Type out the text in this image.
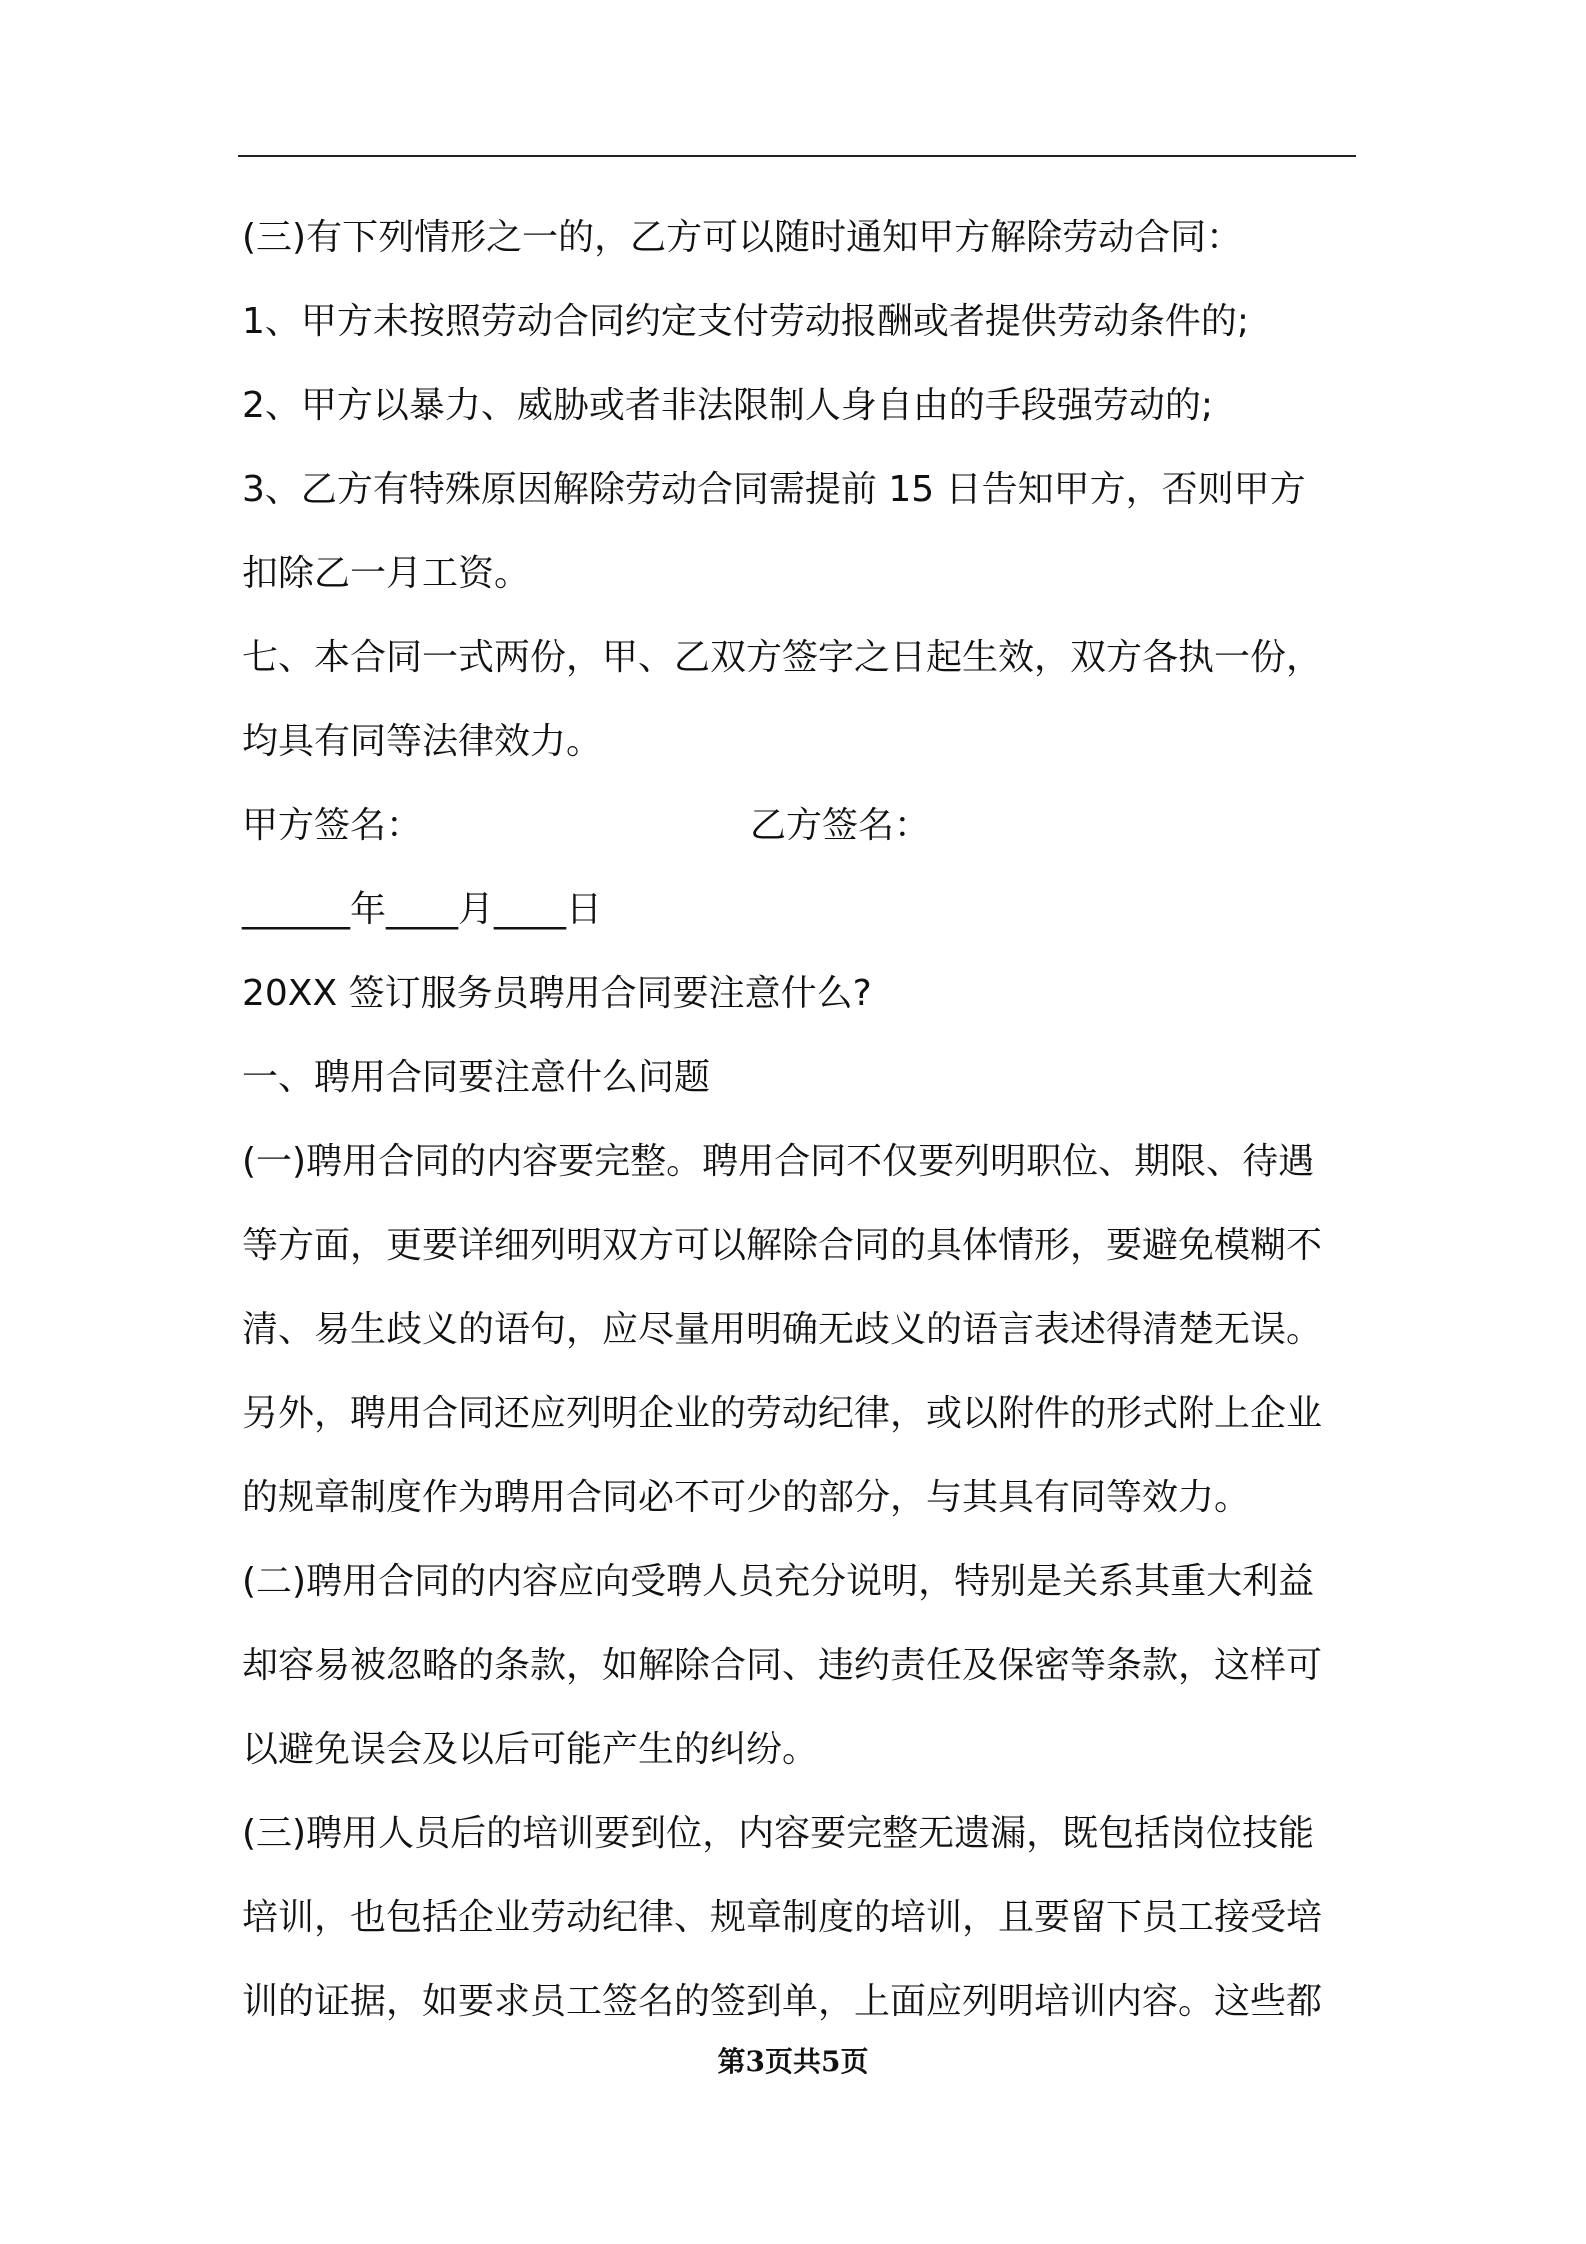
(三)有下列情形之一的，乙方可以随时通知甲方解除劳动合同：
1、甲方未按照劳动合同约定支付劳动报酬或者提供劳动条件的;
2、甲方以暴力、威胁或者非法限制人身自由的手段强劳动的;
3、乙方有特殊原因解除劳动合同需提前 15 日告知甲方，否则甲方
扣除乙一月工资。
七、本合同一式两份，甲、乙双方签字之日起生效，双方各执一份，
均具有同等法律效力。
甲方签名：	乙方签名：
______年____月____日
20XX 签订服务员聘用合同要注意什么?
一、聘用合同要注意什么问题
(一)聘用合同的内容要完整。聘用合同不仅要列明职位、期限、待遇
等方面，更要详细列明双方可以解除合同的具体情形，要避免模糊不
清、易生歧义的语句，应尽量用明确无歧义的语言表述得清楚无误。
另外，聘用合同还应列明企业的劳动纪律，或以附件的形式附上企业
的规章制度作为聘用合同必不可少的部分，与其具有同等效力。
(二)聘用合同的内容应向受聘人员充分说明，特别是关系其重大利益
却容易被忽略的条款，如解除合同、违约责任及保密等条款，这样可
以避免误会及以后可能产生的纠纷。
(三)聘用人员后的培训要到位，内容要完整无遗漏，既包括岗位技能
培训，也包括企业劳动纪律、规章制度的培训，且要留下员工接受培
训的证据，如要求员工签名的签到单，上面应列明培训内容。这些都
第3页共5页
